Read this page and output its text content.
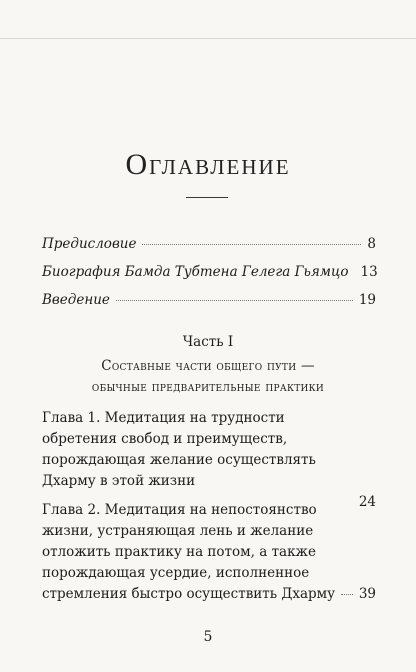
Оглавление
Предисловие	8
Биография Бамда Тубтена Гелега Гьямцо 13
Введение	19
Часть I
Составные части общего пути —
обычные предварительные практики
Глава 1. Медитация на трудности
обретения свобод и преимуществ,
порождающая желание осуществлять
Дхарму в этой жизни
24
Глава 2. Медитация на непостоянство
жизни, устраняющая лень и желание
отложить практику на потом, а также
порождающая усердие, исполненное
стремления быстро осуществить Дхарму 39
5
